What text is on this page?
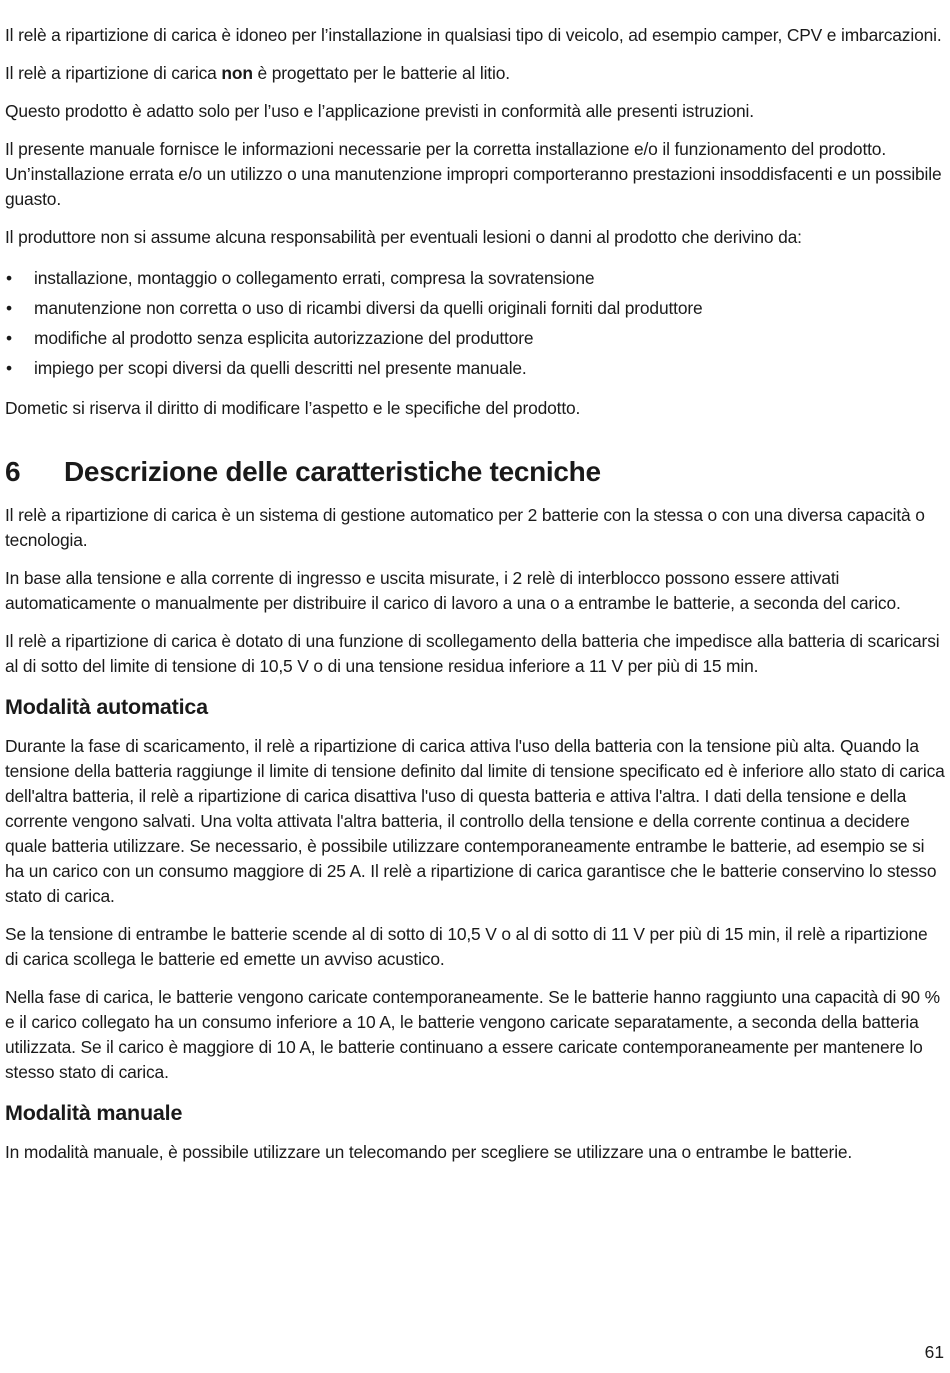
Il relè a ripartizione di carica è idoneo per l’installazione in qualsiasi tipo di veicolo, ad esempio camper, CPV e imbarcazioni.

Il relè a ripartizione di carica non è progettato per le batterie al litio.

Questo prodotto è adatto solo per l’uso e l’applicazione previsti in conformità alle presenti istruzioni.

Il presente manuale fornisce le informazioni necessarie per la corretta installazione e/o il funzionamento del prodotto. Un’installazione errata e/o un utilizzo o una manutenzione impropri comporteranno prestazioni insoddisfacenti e un possibile guasto.

Il produttore non si assume alcuna responsabilità per eventuali lesioni o danni al prodotto che derivino da:

• installazione, montaggio o collegamento errati, compresa la sovratensione
• manutenzione non corretta o uso di ricambi diversi da quelli originali forniti dal produttore
• modifiche al prodotto senza esplicita autorizzazione del produttore
• impiego per scopi diversi da quelli descritti nel presente manuale.

Dometic si riserva il diritto di modificare l’aspetto e le specifiche del prodotto.

6	Descrizione delle caratteristiche tecniche

Il relè a ripartizione di carica è un sistema di gestione automatico per 2 batterie con la stessa o con una diversa capacità o tecnologia.

In base alla tensione e alla corrente di ingresso e uscita misurate, i 2 relè di interblocco possono essere attivati automaticamente o manualmente per distribuire il carico di lavoro a una o a entrambe le batterie, a seconda del carico.

Il relè a ripartizione di carica è dotato di una funzione di scollegamento della batteria che impedisce alla batteria di scaricarsi al di sotto del limite di tensione di 10,5 V o di una tensione residua inferiore a 11 V per più di 15 min.

Modalità automatica

Durante la fase di scaricamento, il relè a ripartizione di carica attiva l'uso della batteria con la tensione più alta. Quando la tensione della batteria raggiunge il limite di tensione definito dal limite di tensione specificato ed è inferiore allo stato di carica dell'altra batteria, il relè a ripartizione di carica disattiva l'uso di questa batteria e attiva l'altra. I dati della tensione e della corrente vengono salvati. Una volta attivata l'altra batteria, il controllo della tensione e della corrente continua a decidere quale batteria utilizzare. Se necessario, è possibile utilizzare contemporaneamente entrambe le batterie, ad esempio se si ha un carico con un consumo maggiore di 25 A. Il relè a ripartizione di carica garantisce che le batterie conservino lo stesso stato di carica.

Se la tensione di entrambe le batterie scende al di sotto di 10,5 V o al di sotto di 11 V per più di 15 min, il relè a ripartizione di carica scollega le batterie ed emette un avviso acustico.

Nella fase di carica, le batterie vengono caricate contemporaneamente. Se le batterie hanno raggiunto una capacità di 90 % e il carico collegato ha un consumo inferiore a 10 A, le batterie vengono caricate separatamente, a seconda della batteria utilizzata. Se il carico è maggiore di 10 A, le batterie continuano a essere caricate contemporaneamente per mantenere lo stesso stato di carica.

Modalità manuale

In modalità manuale, è possibile utilizzare un telecomando per scegliere se utilizzare una o entrambe le batterie.

61
